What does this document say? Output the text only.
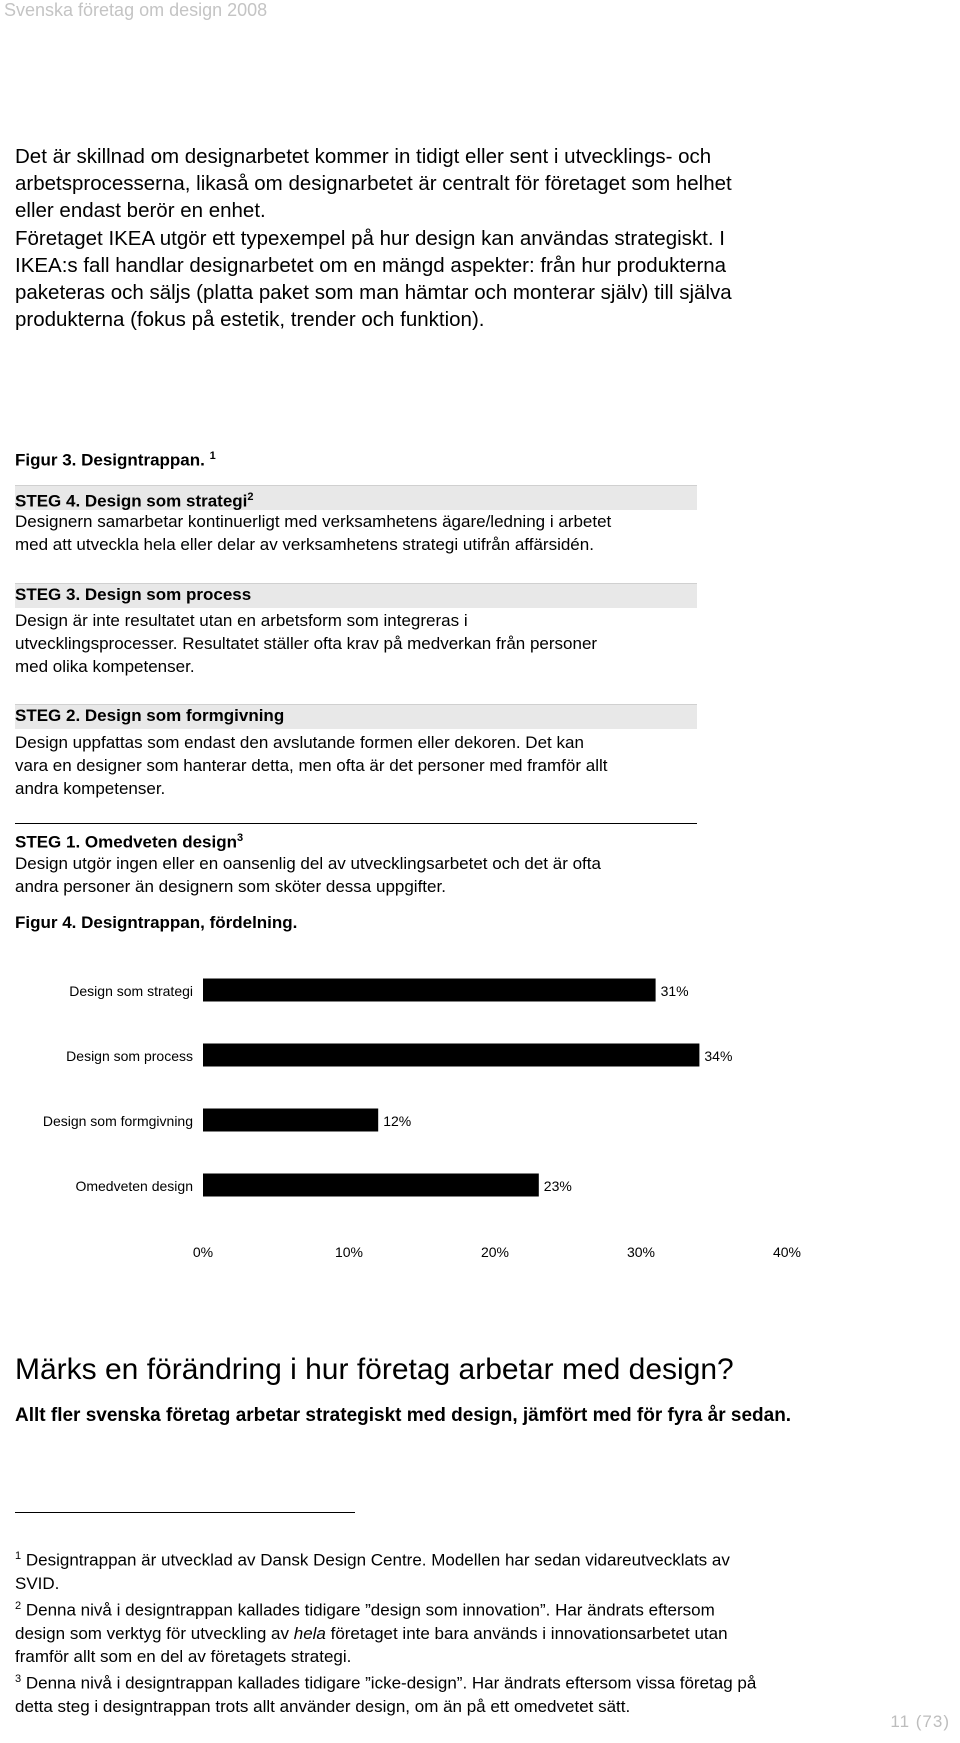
Svenska företag om design 2008
Det är skillnad om designarbetet kommer in tidigt eller sent i utvecklings- och
arbetsprocesserna, likaså om designarbetet är centralt för företaget som helhet
eller endast berör en enhet.
Företaget IKEA utgör ett typexempel på hur design kan användas strategiskt. I
IKEA:s fall handlar designarbetet om en mängd aspekter: från hur produkterna
paketeras och säljs (platta paket som man hämtar och monterar själv) till själva
produkterna (fokus på estetik, trender och funktion).
Figur 3. Designtrappan. $^1$
STEG 4. Design som strategi$^2$
Designern samarbetar kontinuerligt med verksamhetens ägare/ledning i arbetet
med att utveckla hela eller delar av verksamhetens strategi utifrån affärsidén.
STEG 3. Design som process
Design är inte resultatet utan en arbetsform som integreras i
utvecklingsprocesser. Resultatet ställer ofta krav på medverkan från personer
med olika kompetenser.
STEG 2. Design som formgivning
Design uppfattas som endast den avslutande formen eller dekoren. Det kan
vara en designer som hanterar detta, men ofta är det personer med framför allt
andra kompetenser.
STEG 1. Omedveten design$^3$
Design utgör ingen eller en oansenlig del av utvecklingsarbetet och det är ofta
andra personer än designern som sköter dessa uppgifter.
Figur 4. Designtrappan, fördelning.
Design som strategi	31%
Design som process	34%
Design som formgivning	12%
Omedveten design	23%
0%	10%	20%	30%	40%
Märks en förändring i hur företag arbetar med design?
Allt fler svenska företag arbetar strategiskt med design, jämfört med för fyra år sedan.
$^1$ Designtrappan är utvecklad av Dansk Design Centre. Modellen har sedan vidareutvecklats av
SVID.
$^2$ Denna nivå i designtrappan kallades tidigare ”design som innovation”. Har ändrats eftersom
design som verktyg för utveckling av hela företaget inte bara används i innovationsarbetet utan
framför allt som en del av företagets strategi.
$^3$ Denna nivå i designtrappan kallades tidigare ”icke-design”. Har ändrats eftersom vissa företag på
detta steg i designtrappan trots allt använder design, om än på ett omedvetet sätt.
11 (73)
